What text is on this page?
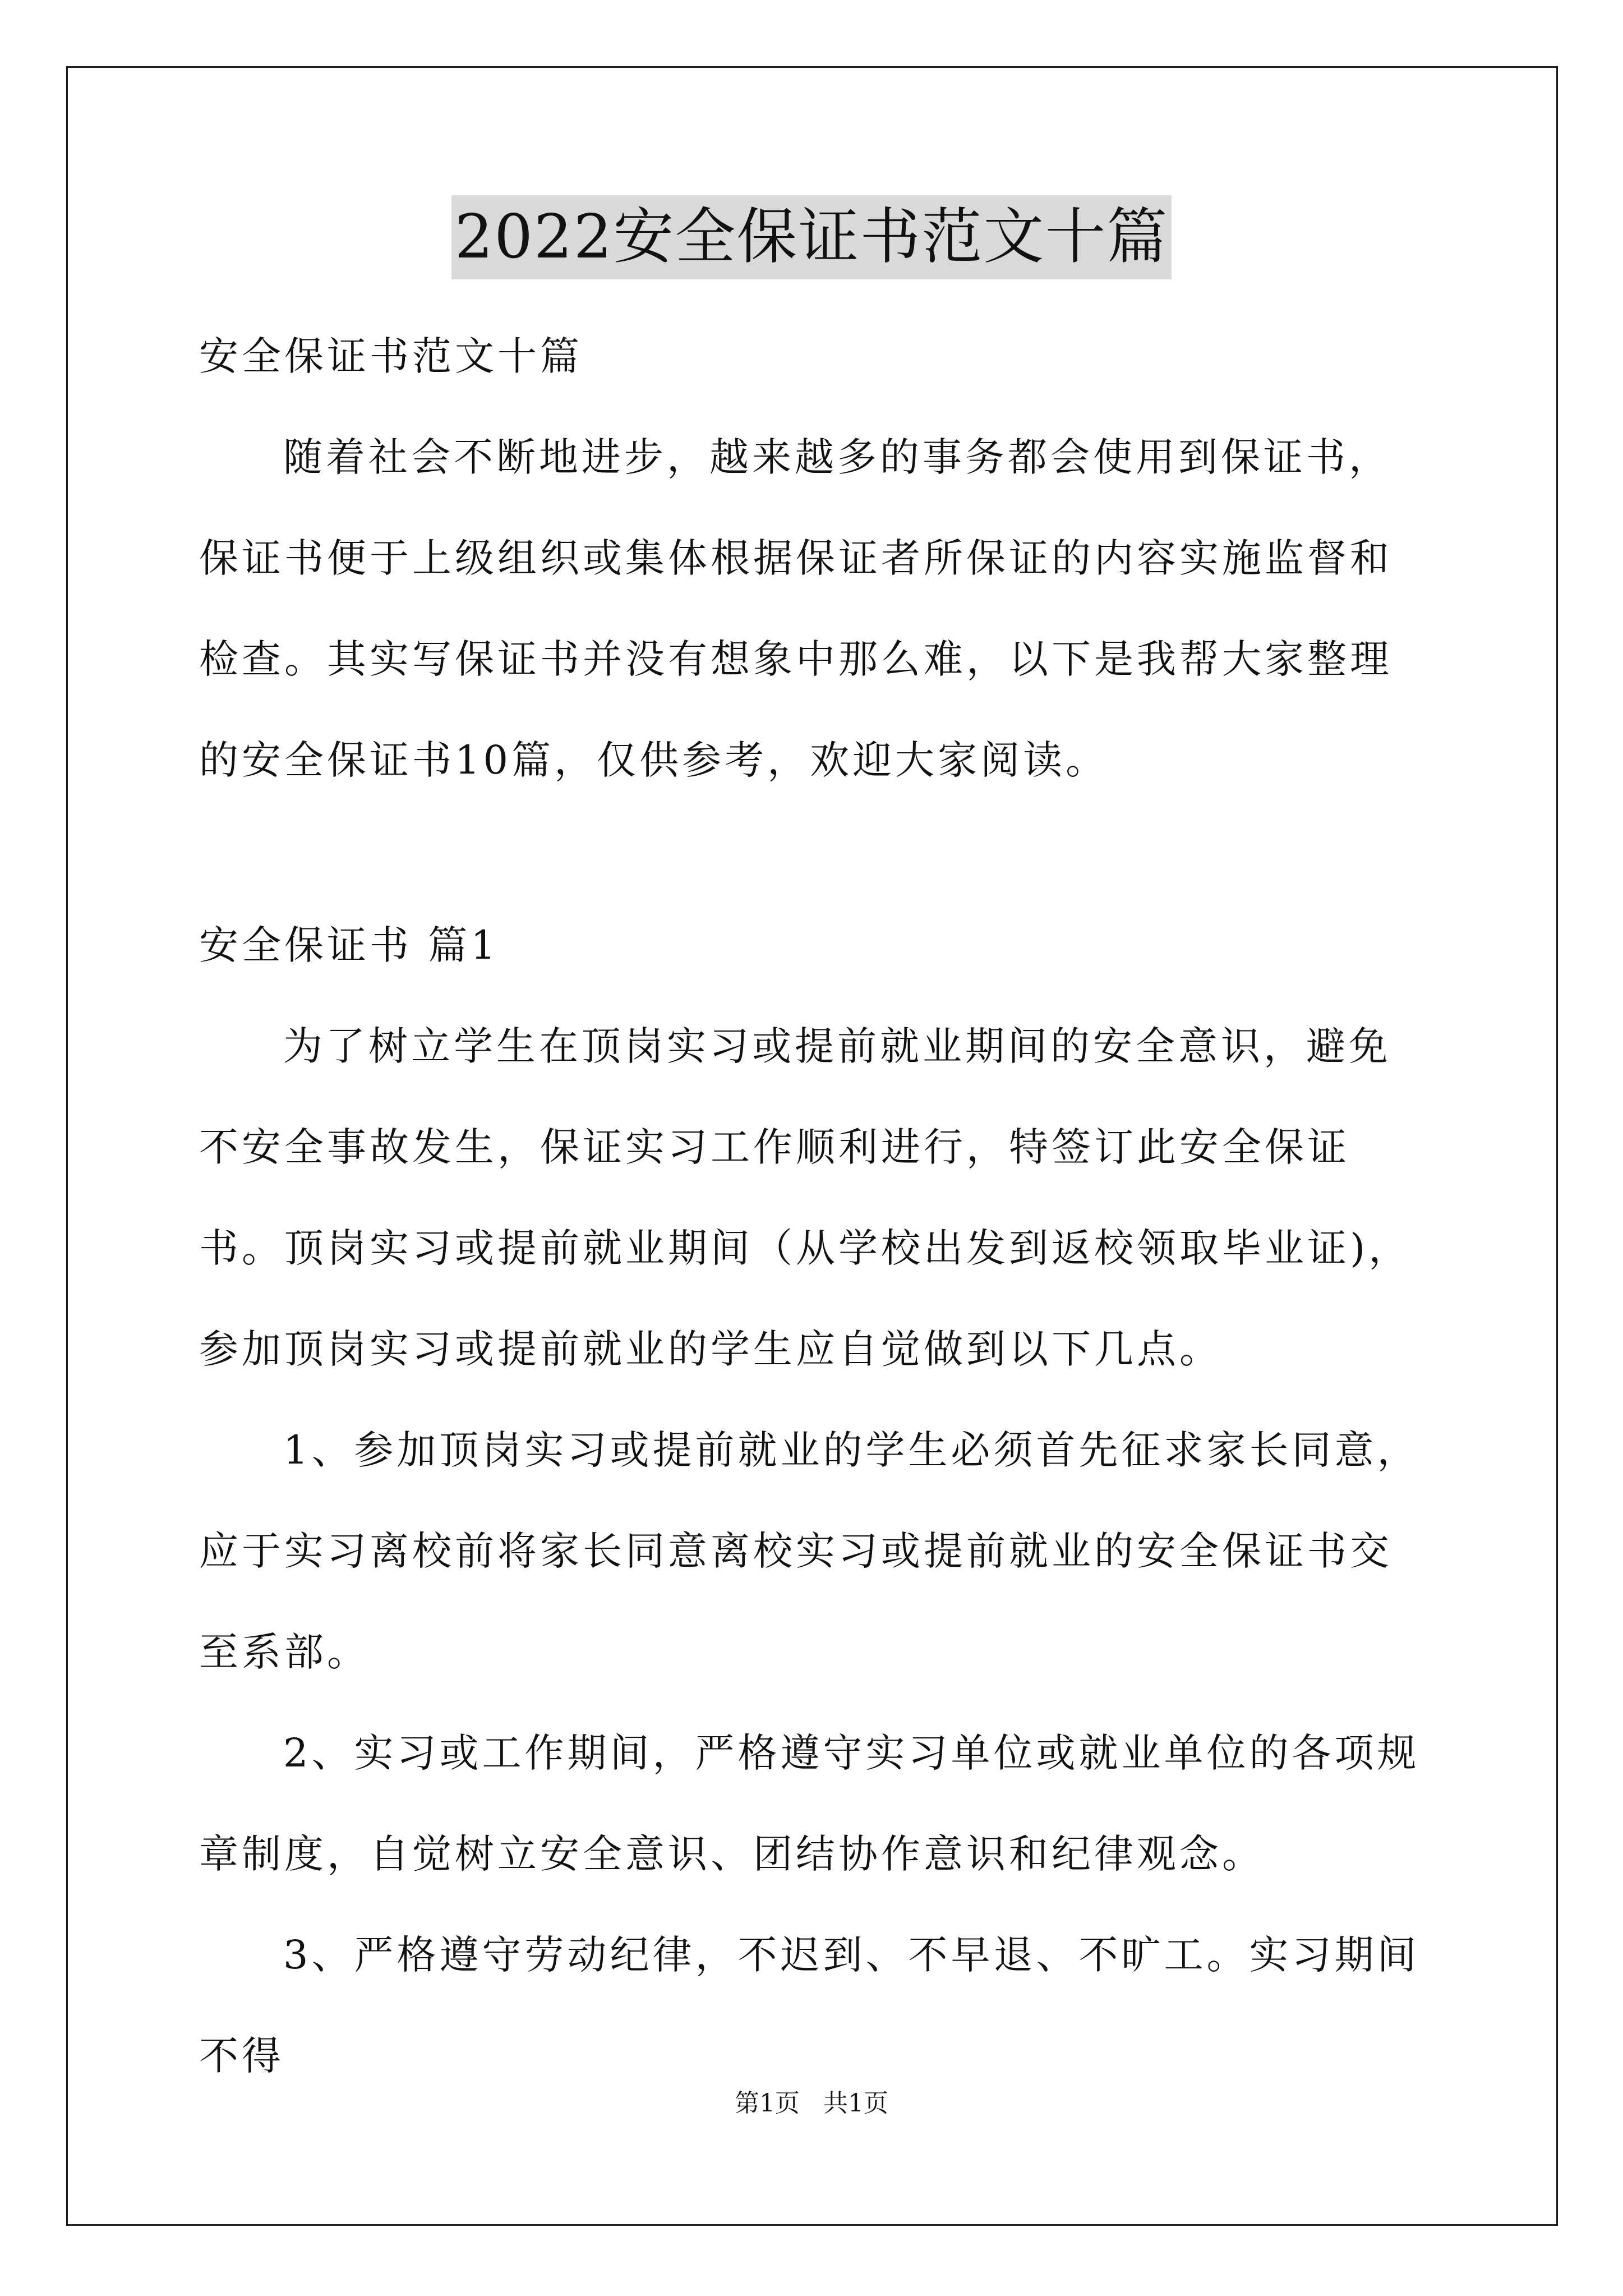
2022安全保证书范文十篇

安全保证书范文十篇

随着社会不断地进步，越来越多的事务都会使用到保证书，保证书便于上级组织或集体根据保证者所保证的内容实施监督和检查。其实写保证书并没有想象中那么难，以下是我帮大家整理的安全保证书10篇，仅供参考，欢迎大家阅读。

安全保证书 篇1

为了树立学生在顶岗实习或提前就业期间的安全意识，避免不安全事故发生，保证实习工作顺利进行，特签订此安全保证书。顶岗实习或提前就业期间（从学校出发到返校领取毕业证)，参加顶岗实习或提前就业的学生应自觉做到以下几点。

1、参加顶岗实习或提前就业的学生必须首先征求家长同意，应于实习离校前将家长同意离校实习或提前就业的安全保证书交至系部。

2、实习或工作期间，严格遵守实习单位或就业单位的各项规章制度，自觉树立安全意识、团结协作意识和纪律观念。

3、严格遵守劳动纪律，不迟到、不早退、不旷工。实习期间不得

第1页   共1页
